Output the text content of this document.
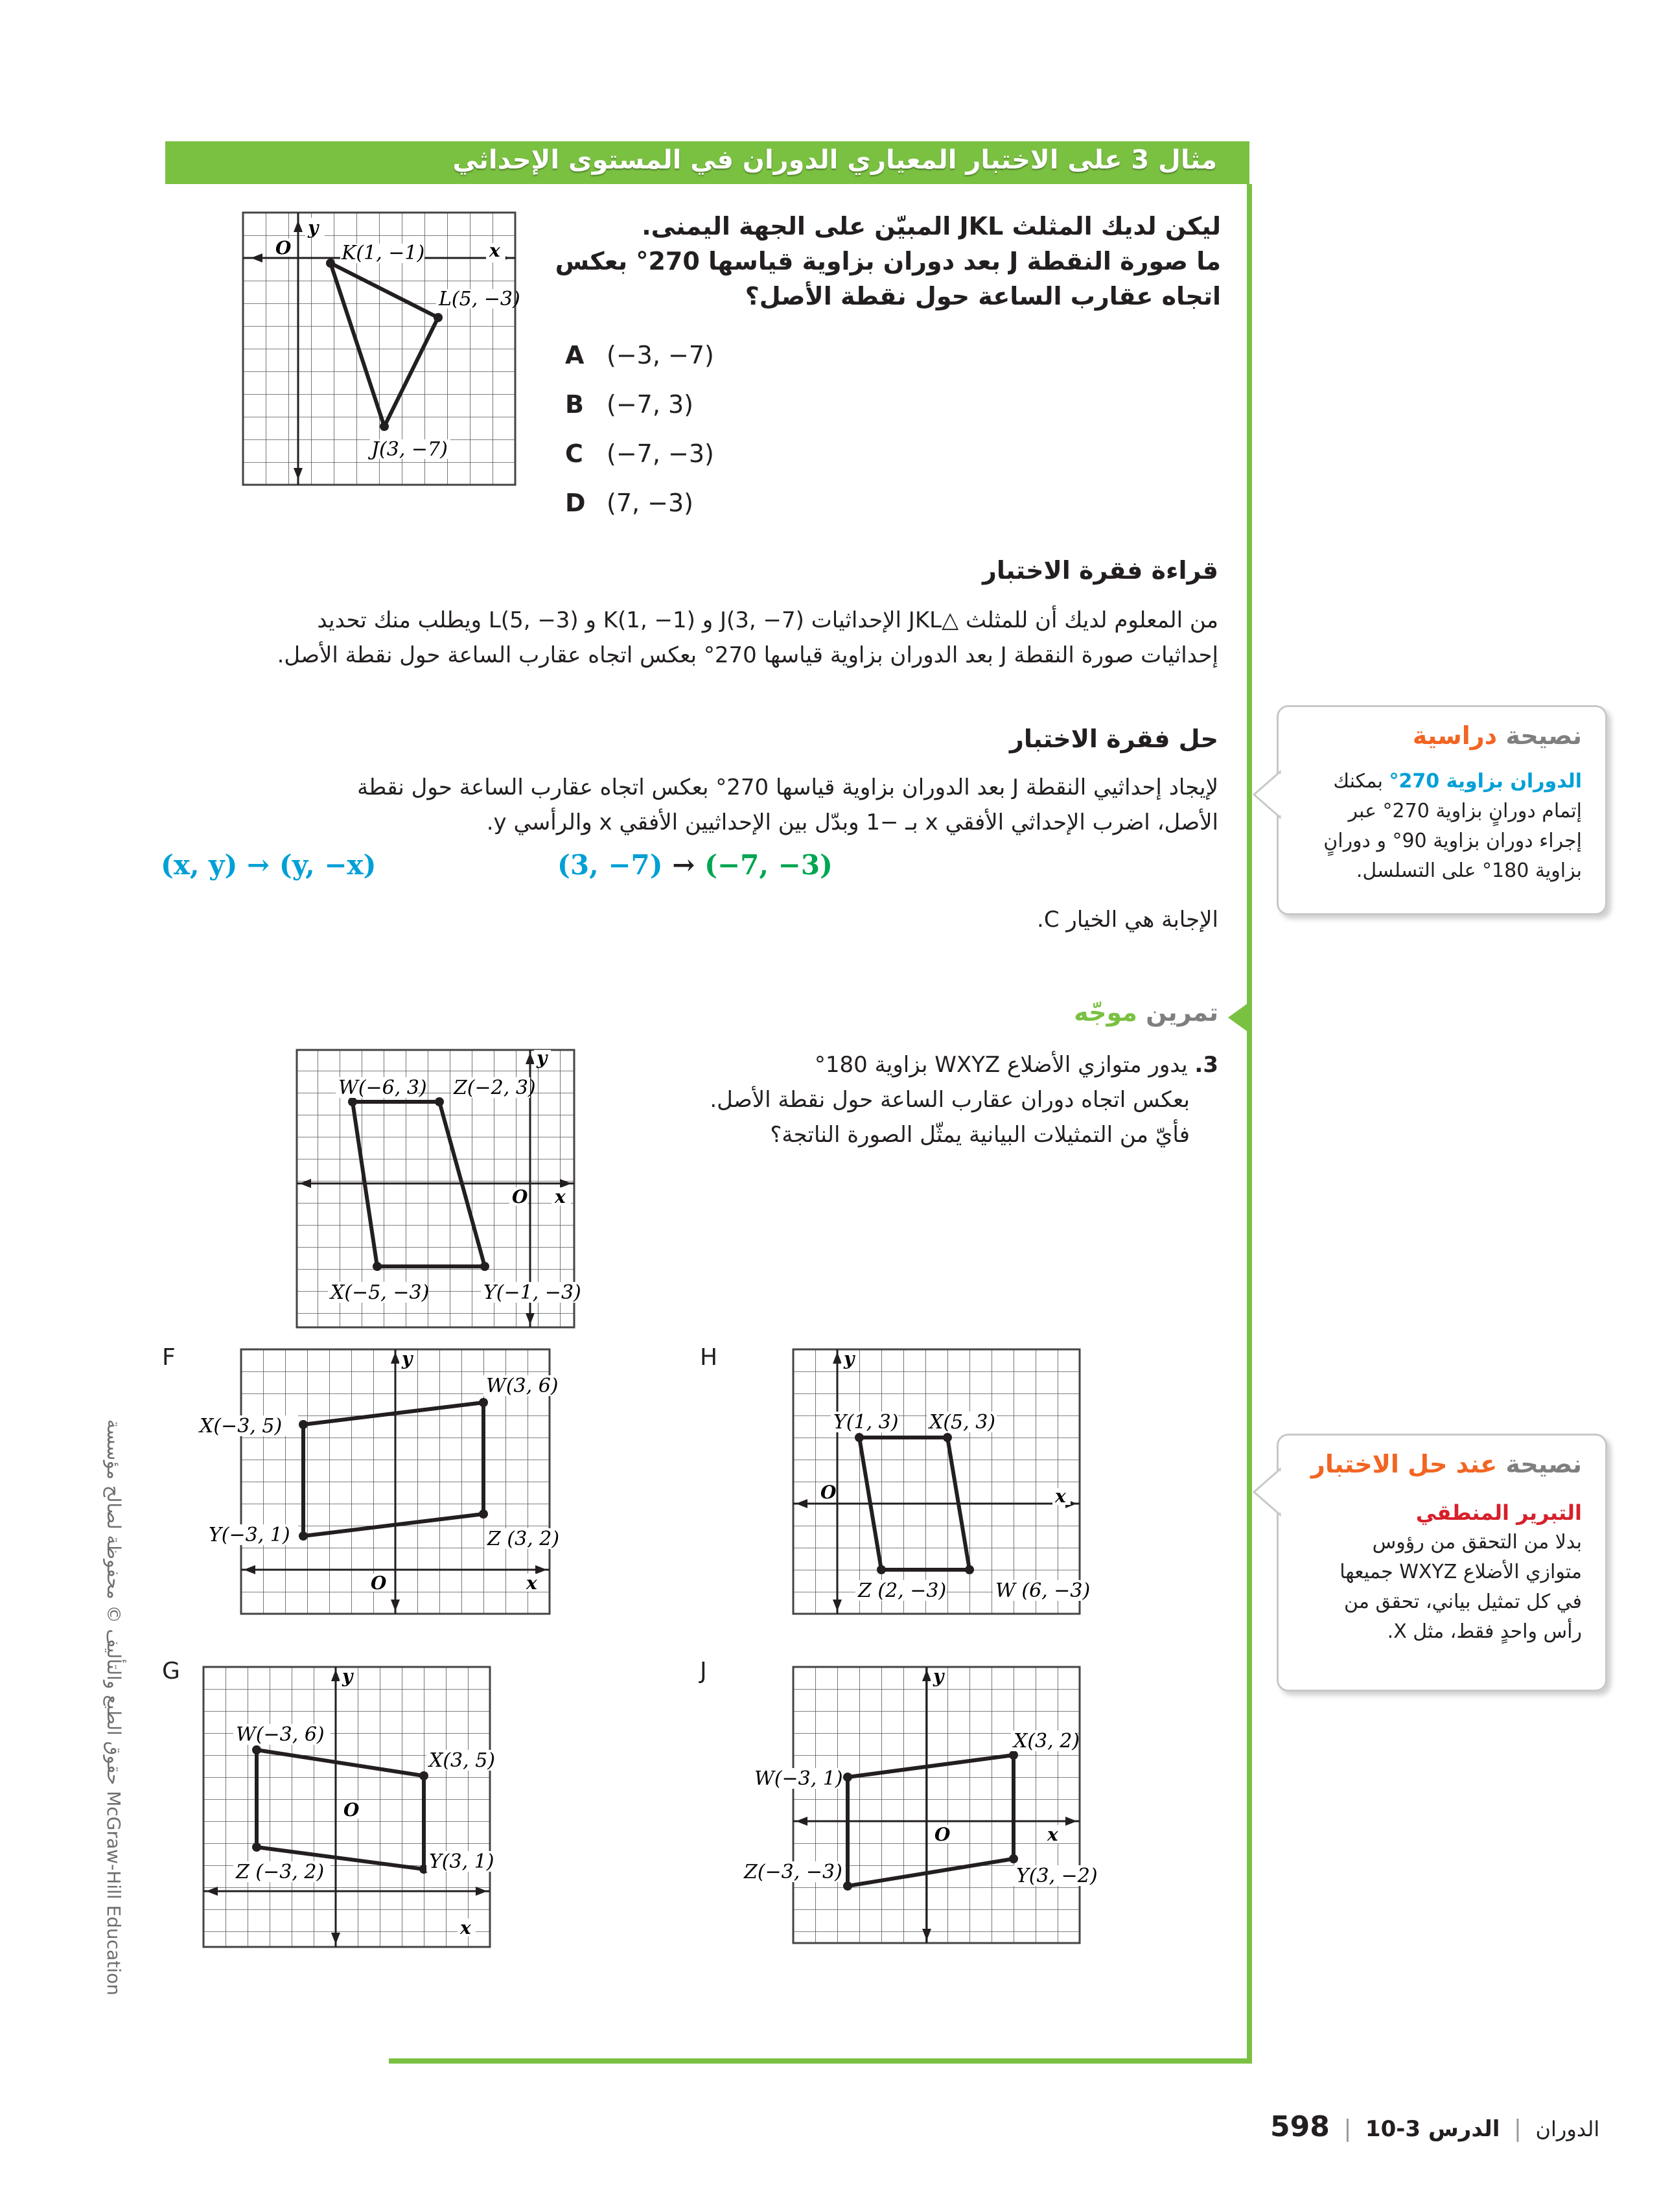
مثال 3 على الاختبار المعياري الدوران في المستوى الإحداثي
ليكن لديك المثلث JKL المبيّن على الجهة اليمنى.
ما صورة النقطة J بعد دوران بزاوية قياسها 270° بعكس
اتجاه عقارب الساعة حول نقطة الأصل؟
A (−3, −7)
B (−7, 3)
C (−7, −3)
D (7, −3)
y
x
O	K(1, −1)
L(5, −3)
J(3, −7)
قراءة فقرة الاختبار
من المعلوم لديك أن للمثلث △JKL الإحداثيات J(3, −7) و K(1, −1) و L(5, −3) ويطلب منك تحديد
إحداثيات صورة النقطة J بعد الدوران بزاوية قياسها 270° بعكس اتجاه عقارب الساعة حول نقطة الأصل.
حل فقرة الاختبار
لإيجاد إحداثيي النقطة J بعد الدوران بزاوية قياسها 270° بعكس اتجاه عقارب الساعة حول نقطة
الأصل، اضرب الإحداثي الأفقي x بـ −1 وبدّل بين الإحداثيين الأفقي x والرأسي y.
(x, y) → (y, −x)	(3, −7) → (−7, −3)
الإجابة هي الخيار C.
نصيحة دراسية
الدوران بزاوية 270° بمكنك
إتمام دورانٍ بزاوية 270° عبر
إجراء دوران بزاوية 90° و دورانٍ
بزاوية 180° على التسلسل.
تمرين موجّه
3. يدور متوازي الأضلاع WXYZ بزاوية 180°
بعكس اتجاه دوران عقارب الساعة حول نقطة الأصل.
فأيّ من التمثيلات البيانية يمثّل الصورة الناتجة؟
y
x
O
W(−6, 3) Z(−2, 3)
X(−5, −3)	Y(−1, −3)
F	y
x
O
W(3, 6)
X(−3, 5)
Y(−3, 1)	Z (3, 2)
H	y
x
O
Y(1, 3) X(5, 3)
Z (2, −3)	W (6, −3)
G	y
x
O
W(−3, 6)
X(3, 5)
Y(3, 1)
Z (−3, 2)
J	y
x
O
X(3, 2)
W(−3, 1)
Z(−3, −3)	Y(3, −2)
نصيحة عند حل الاختبار
التبرير المنطقي
بدلا من التحقق من رؤوس
متوازي الأضلاع WXYZ جميعها
في كل تمثيل بياني، تحقق من
رأس واحدٍ فقط، مثل X.
حقوق الطبع والتأليف © محفوظة لصالح مؤسسة McGraw-Hill Education
الدوران | الدرس 3-10 | 598
